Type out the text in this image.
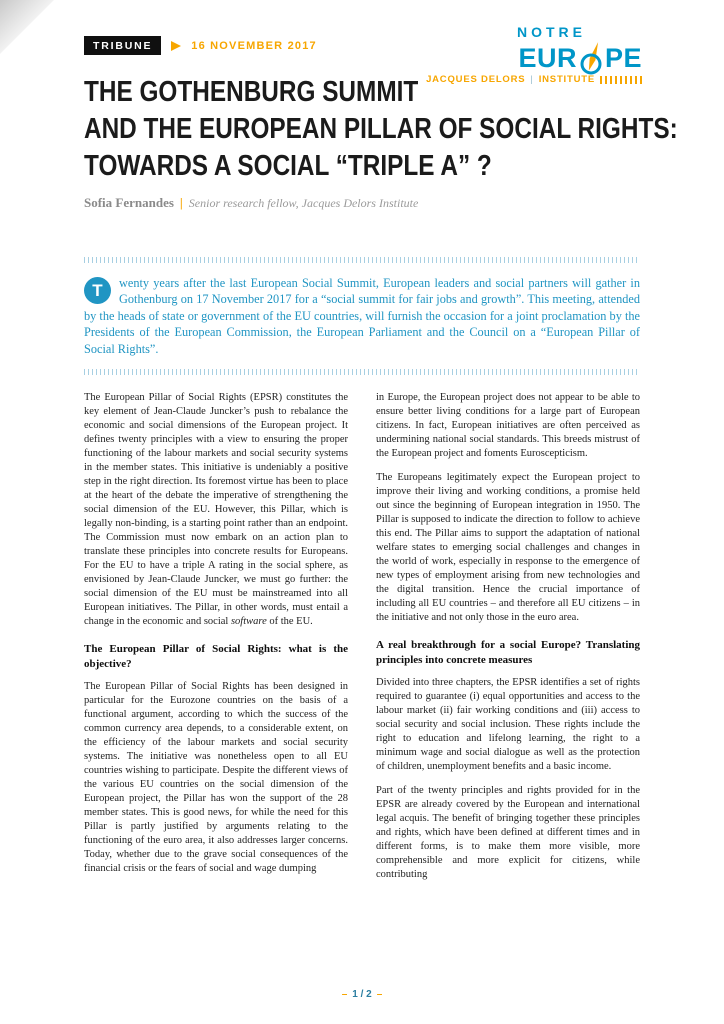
TRIBUNE	16 NOVEMBER 2017
NOTRE
EUR PE
JACQUES DELORS | INSTITUTE
THE GOTHENBURG SUMMIT
AND THE EUROPEAN PILLAR OF SOCIAL RIGHTS:
TOWARDS A SOCIAL “TRIPLE A” ?
Sofia Fernandes | Senior research fellow, Jacques Delors Institute
T	wenty years after the last European Social Summit, European leaders and social partners will gather in Gothenburg on 17 November 2017 for a “social summit for fair jobs and growth”. This meeting, attended by the heads of state or government of the EU countries, will furnish the occasion for a joint proclamation by the Presidents of the European Commission, the European Parliament and the Council on a “European Pillar of Social Rights”.

The European Pillar of Social Rights (EPSR) constitutes the key element of Jean-Claude Juncker’s push to rebalance the economic and social dimensions of the European project. It defines twenty principles with a view to ensuring the proper functioning of the labour markets and social security systems in the member states. This initiative is undeniably a positive step in the right direction. Its foremost virtue has been to place at the heart of the debate the imperative of strengthening the social dimension of the EU. However, this Pillar, which is legally non-binding, is a starting point rather than an endpoint. The Commission must now embark on an action plan to translate these principles into concrete results for Europeans. For the EU to have a triple A rating in the social sphere, as envisioned by Jean-Claude Juncker, we must go further: the social dimension of the EU must be mainstreamed into all European initiatives. The Pillar, in other words, must entail a change in the economic and social software of the EU.

The European Pillar of Social Rights: what is the objective?

The European Pillar of Social Rights has been designed in particular for the Eurozone countries on the basis of a functional argument, according to which the success of the common currency area depends, to a considerable extent, on the efficiency of the labour markets and social security systems. The initiative was nonetheless open to all EU countries wishing to participate. Despite the different views of the various EU countries on the social dimension of the European project, the Pillar has won the support of the 28 member states. This is good news, for while the need for this Pillar is partly justified by arguments relating to the functioning of the euro area, it also addresses larger concerns. Today, whether due to the grave social consequences of the financial crisis or the fears of social and wage dumping

in Europe, the European project does not appear to be able to ensure better living conditions for a large part of European citizens. In fact, European initiatives are often perceived as undermining national social standards. This breeds mistrust of the European project and foments Euroscepticism.

The Europeans legitimately expect the European project to improve their living and working conditions, a promise held out since the beginning of European integration in 1950. The Pillar is supposed to indicate the direction to follow to achieve this end. The Pillar aims to support the adaptation of national welfare states to emerging social challenges and changes in the world of work, especially in response to the emergence of new types of employment arising from new technologies and the digital transition. Hence the crucial importance of including all EU countries – and therefore all EU citizens – in the initiative and not only those in the euro area.

A real breakthrough for a social Europe? Translating principles into concrete measures

Divided into three chapters, the EPSR identifies a set of rights required to guarantee (i) equal opportunities and access to the labour market (ii) fair working conditions and (iii) access to social security and social inclusion. These rights include the right to education and lifelong learning, the right to a minimum wage and social dialogue as well as the protection of children, unemployment benefits and a basic income.

Part of the twenty principles and rights provided for in the EPSR are already covered by the European and international legal acquis. The benefit of bringing together these principles and rights, which have been defined at different times and in different forms, is to make them more visible, more comprehensible and more explicit for citizens, while contributing

– 1 / 2 –
